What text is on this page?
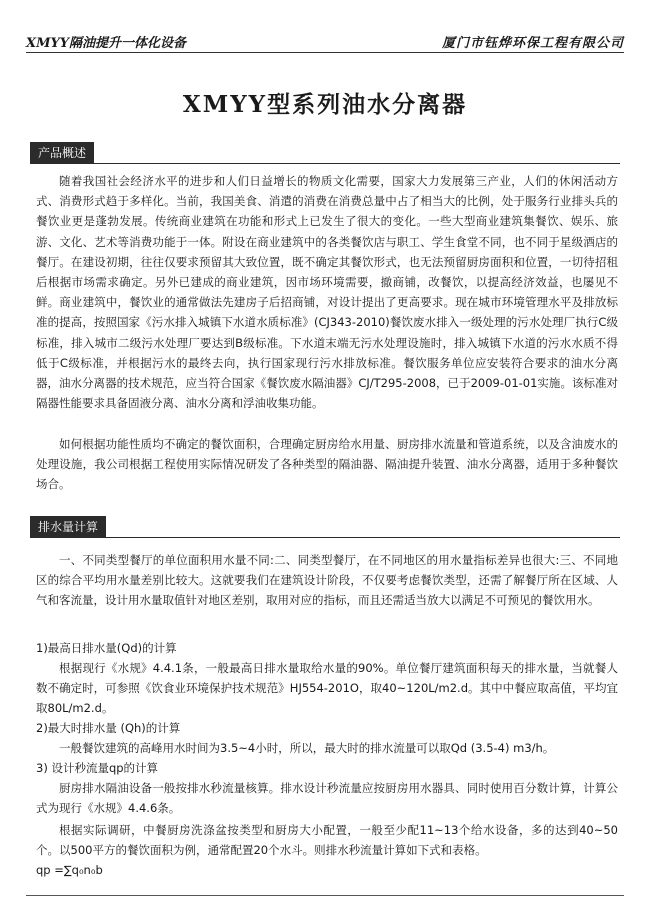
XMYY隔油提升一体化设备	厦门市钰烨环保工程有限公司
XMYY型系列油水分离器
产品概述

随着我国社会经济水平的进步和人们日益增长的物质文化需要，国家大力发展第三产业，人们的休闲活动方式、消费形式趋于多样化。当前，我国美食、消遣的消费在消费总量中占了相当大的比例，处于服务行业排头兵的餐饮业更是蓬勃发展。传统商业建筑在功能和形式上已发生了很大的变化。一些大型商业建筑集餐饮、娱乐、旅游、文化、艺术等消费功能于一体。附设在商业建筑中的各类餐饮店与职工、学生食堂不同，也不同于星级酒店的餐厅。在建设初期，往往仅要求预留其大致位置，既不确定其餐饮形式，也无法预留厨房面积和位置，一切待招租后根据市场需求确定。另外已建成的商业建筑，因市场环境需要，撤商铺，改餐饮，以提高经济效益，也屡见不鲜。商业建筑中，餐饮业的通常做法先建房子后招商铺，对设计提出了更高要求。现在城市环境管理水平及排放标准的提高，按照国家《污水排入城镇下水道水质标准》(CJ343-2010)餐饮废水排入一级处理的污水处理厂执行C级标准，排入城市二级污水处理厂要达到B级标准。下水道末端无污水处理设施时，排入城镇下水道的污水水质不得低于C级标准，并根据污水的最终去向，执行国家现行污水排放标准。餐饮服务单位应安装符合要求的油水分离器，油水分离器的技术规范，应当符合国家《餐饮废水隔油器》CJ/T295-2008，已于2009-01-01实施。该标准对隔器性能要求具备固液分离、油水分离和浮油收集功能。

如何根据功能性质均不确定的餐饮面积，合理确定厨房给水用量、厨房排水流量和管道系统，以及含油废水的处理设施，我公司根据工程使用实际情况研发了各种类型的隔油器、隔油提升装置、油水分离器，适用于多种餐饮场合。

排水量计算

一、不同类型餐厅的单位面积用水量不同:二、同类型餐厅，在不同地区的用水量指标差异也很大:三、不同地区的综合平均用水量差别比较大。这就要我们在建筑设计阶段，不仅要考虑餐饮类型，还需了解餐厅所在区域、人气和客流量，设计用水量取值针对地区差别，取用对应的指标，而且还需适当放大以满足不可预见的餐饮用水。

1)最高日排水量(Qd)的计算

根据现行《水规》4.4.1条，一般最高日排水量取给水量的90%。单位餐厅建筑面积每天的排水量，当就餐人数不确定时，可参照《饮食业环境保护技术规范》HJ554-201O，取40~120L/m2.d。其中中餐应取高值，平均宜取80L/m2.d。

2)最大时排水量 (Qh)的计算

一般餐饮建筑的高峰用水时间为3.5~4小时，所以，最大时的排水流量可以取Qd (3.5-4) m3/h。

3) 设计秒流量qp的计算

厨房排水隔油设备一般按排水秒流量核算。排水设计秒流量应按厨房用水器具、同时使用百分数计算，计算公式为现行《水规》4.4.6条。

根据实际调研，中餐厨房洗涤盆按类型和厨房大小配置，一般至少配11~13个给水设备，多的达到40~50个。以500平方的餐饮面积为例，通常配置20个水斗。则排水秒流量计算如下式和表格。

qp =∑q₀n₀b
